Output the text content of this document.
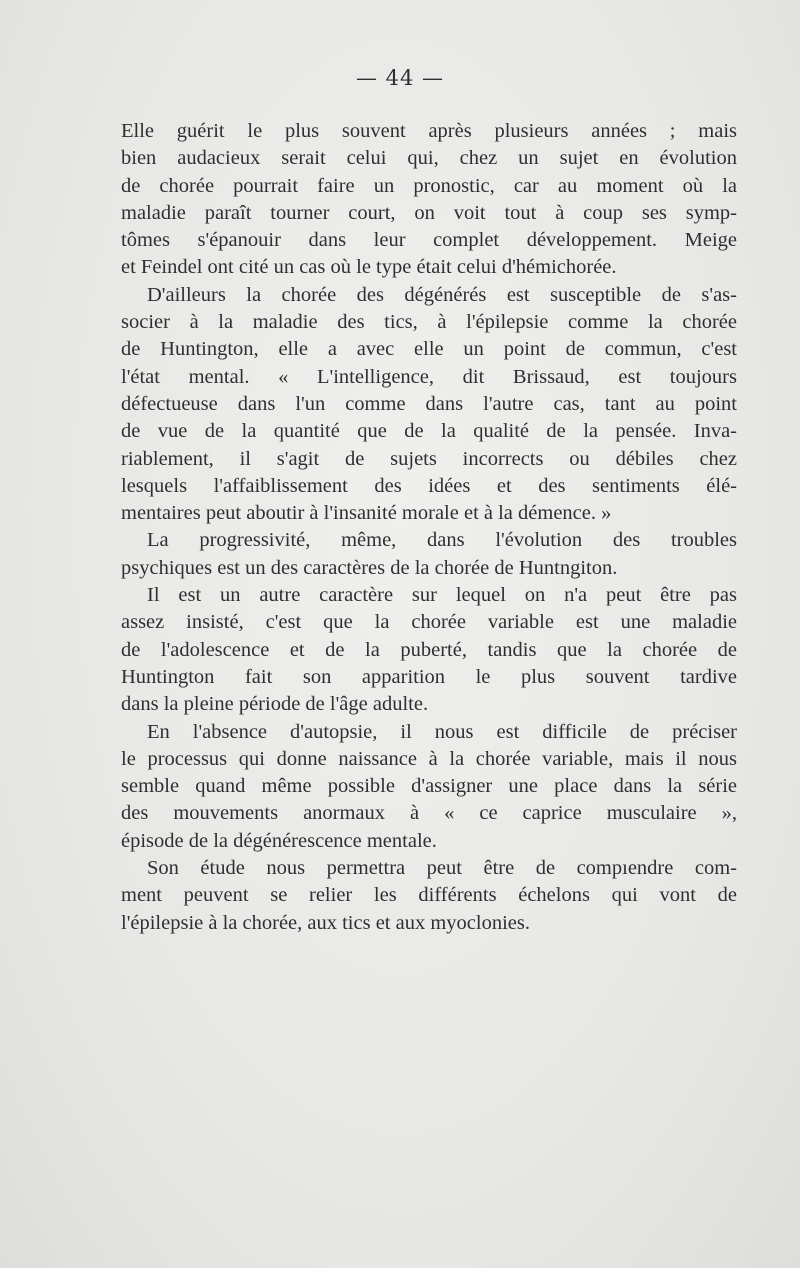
— 44 —
Elle guérit le plus souvent après plusieurs années ; mais
bien audacieux serait celui qui, chez un sujet en évolution
de chorée pourrait faire un pronostic, car au moment où la
maladie paraît tourner court, on voit tout à coup ses symp-
tômes s'épanouir dans leur complet développement. Meige
et Feindel ont cité un cas où le type était celui d'hémichorée.
D'ailleurs la chorée des dégénérés est susceptible de s'as-
socier à la maladie des tics, à l'épilepsie comme la chorée
de Huntington, elle a avec elle un point de commun, c'est
l'état mental. « L'intelligence, dit Brissaud, est toujours
défectueuse dans l'un comme dans l'autre cas, tant au point
de vue de la quantité que de la qualité de la pensée. Inva-
riablement, il s'agit de sujets incorrects ou débiles chez
lesquels l'affaiblissement des idées et des sentiments élé-
mentaires peut aboutir à l'insanité morale et à la démence. »
La progressivité, même, dans l'évolution des troubles
psychiques est un des caractères de la chorée de Huntngiton.
Il est un autre caractère sur lequel on n'a peut être pas
assez insisté, c'est que la chorée variable est une maladie
de l'adolescence et de la puberté, tandis que la chorée de
Huntington fait son apparition le plus souvent tardive
dans la pleine période de l'âge adulte.
En l'absence d'autopsie, il nous est difficile de préciser
le processus qui donne naissance à la chorée variable, mais il nous
semble quand même possible d'assigner une place dans la série
des mouvements anormaux à « ce caprice musculaire »,
épisode de la dégénérescence mentale.
Son étude nous permettra peut être de compıendre com-
ment peuvent se relier les différents échelons qui vont de
l'épilepsie à la chorée, aux tics et aux myoclonies.
